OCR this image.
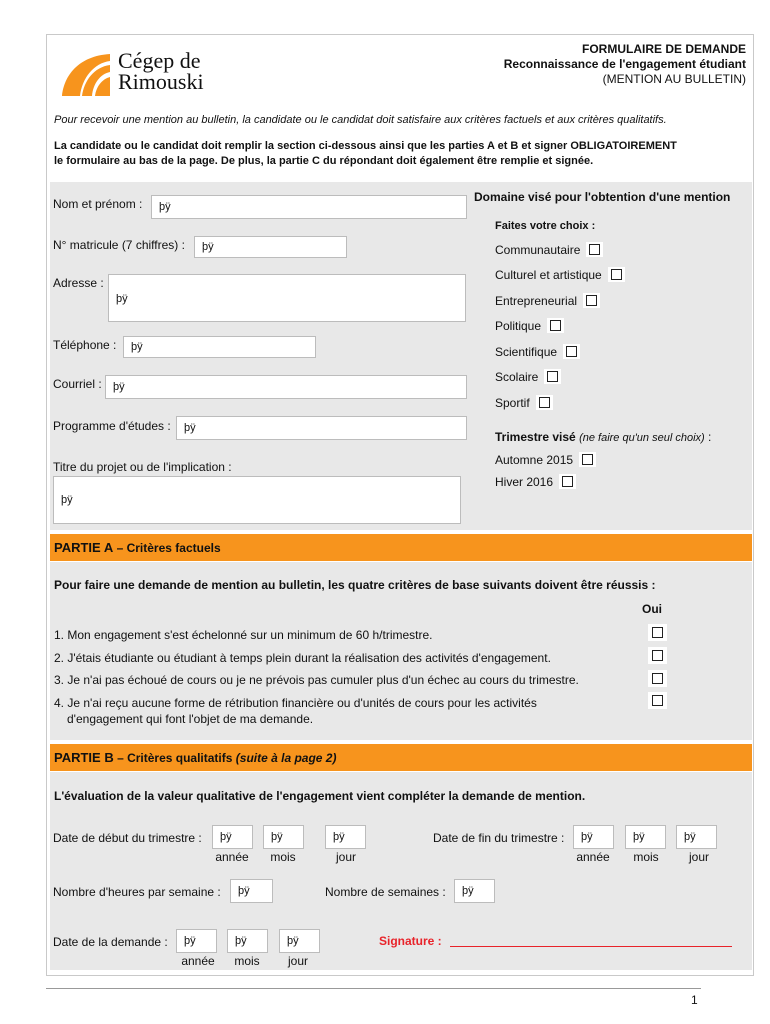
Cégep de
Rimouski
FORMULAIRE DE DEMANDE
Reconnaissance de l'engagement étudiant
(MENTION AU BULLETIN)
Pour recevoir une mention au bulletin, la candidate ou le candidat doit satisfaire aux critères factuels et aux critères qualitatifs.
La candidate ou le candidat doit remplir la section ci-dessous ainsi que les parties A et B et signer OBLIGATOIREMENT
le formulaire au bas de la page. De plus, la partie C du répondant doit également être remplie et signée.
Nom et prénom :	þÿ
N° matricule (7 chiffres) :	þÿ
Adresse :
þÿ
Téléphone :	þÿ
Courriel :	þÿ
Programme d'études :	þÿ
Titre du projet ou de l'implication :
þÿ
Domaine visé pour l'obtention d'une mention
Faites votre choix :
Communautaire
Culturel et artistique
Entrepreneurial
Politique
Scientifique
Scolaire
Sportif
Trimestre visé (ne faire qu'un seul choix) :
Automne 2015
Hiver 2016
PARTIE A
– Critères factuels
Pour faire une demande de mention au bulletin, les quatre critères de base suivants doivent être réussis :
Oui
1. Mon engagement s'est échelonné sur un minimum de 60 h/trimestre.
2. J'étais étudiante ou étudiant à temps plein durant la réalisation des activités d'engagement.
3. Je n'ai pas échoué de cours ou je ne prévois pas cumuler plus d'un échec au cours du trimestre.
4. Je n'ai reçu aucune forme de rétribution financière ou d'unités de cours pour les activités
d'engagement qui font l'objet de ma demande.
PARTIE B
– Critères qualitatifs
(suite à la page 2)
L'évaluation de la valeur qualitative de l'engagement vient compléter la demande de mention.
Date de début du trimestre :	þÿ	þÿ	þÿ
année	mois	jour
Date de fin du trimestre :	þÿ	þÿ	þÿ
année	mois	jour
Nombre d'heures par semaine :	þÿ	Nombre de semaines :	þÿ
Date de la demande :	þÿ	þÿ	þÿ
année	mois	jour
Signature :
1
